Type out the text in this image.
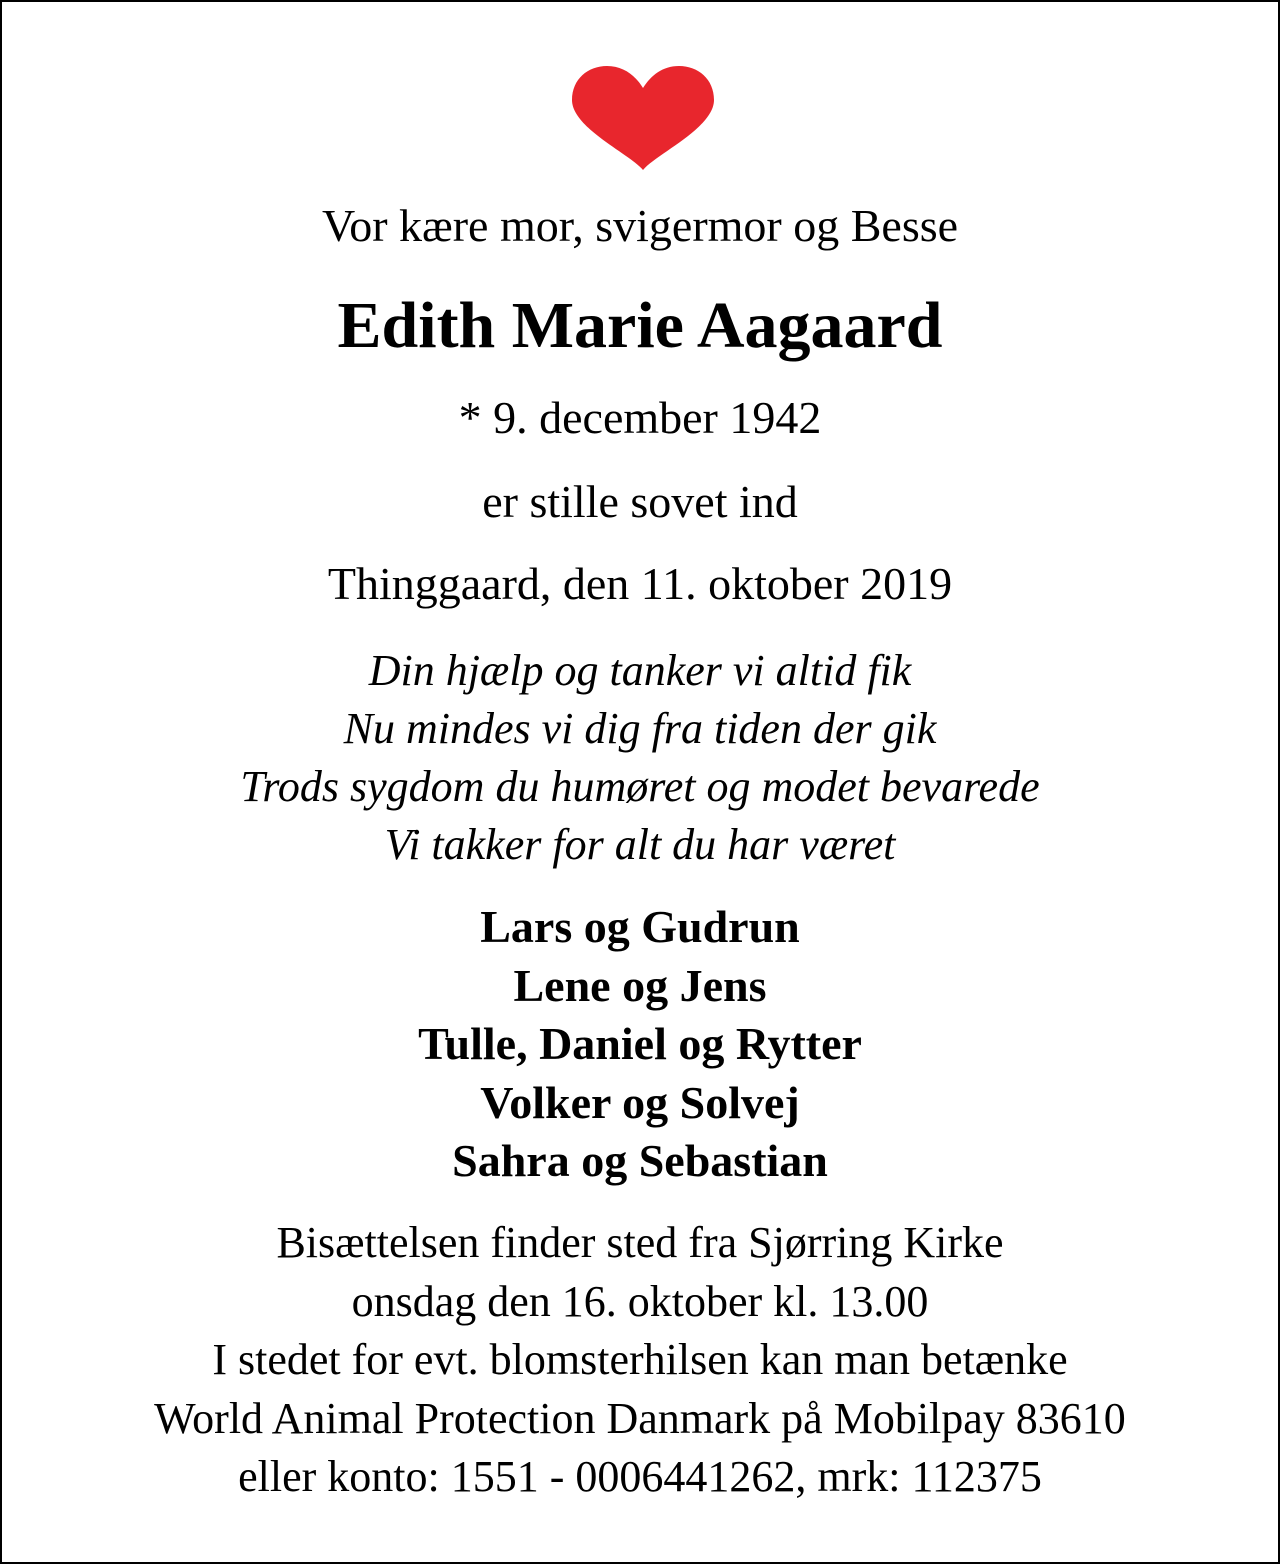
Vor kære mor, svigermor og Besse
Edith Marie Aagaard
* 9. december 1942
er stille sovet ind
Thinggaard, den 11. oktober 2019
Din hjælp og tanker vi altid fik
Nu mindes vi dig fra tiden der gik
Trods sygdom du humøret og modet bevarede
Vi takker for alt du har været
Lars og Gudrun
Lene og Jens
Tulle, Daniel og Rytter
Volker og Solvej
Sahra og Sebastian
Bisættelsen finder sted fra Sjørring Kirke
onsdag den 16. oktober kl. 13.00
I stedet for evt. blomsterhilsen kan man betænke
World Animal Protection Danmark på Mobilpay 83610
eller konto: 1551 - 0006441262, mrk: 112375
